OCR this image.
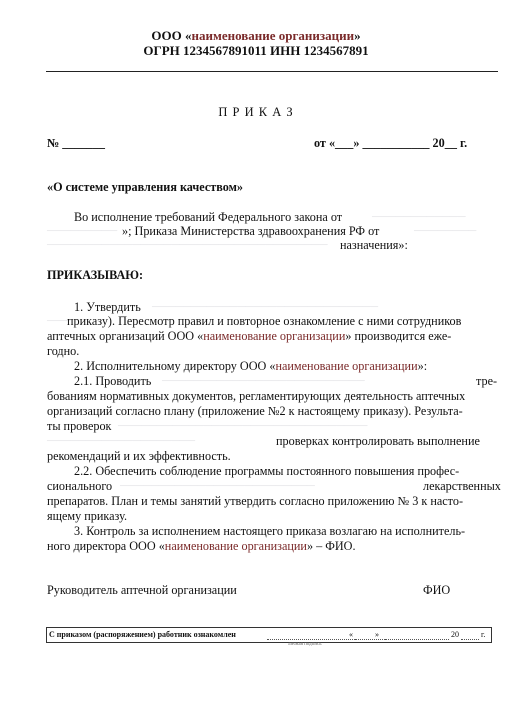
ООО «наименование организации»
ОГРН 1234567891011 ИНН 1234567891
П Р И К А З
№ _______	от «___» ___________ 20__ г.
«О системе управления качеством»
Во исполнение требований Федерального закона от	────────────
───────── »; Приказа Министерства здравоохранения РФ от	────────
──────────────────────────────────── назначения»:
ПРИКАЗЫВАЮ:
1. Утвердить ─────────────────────────────
───
приказу). Пересмотр правил и повторное ознакомление с ними сотрудников
аптечных организаций ООО «наименование организации» производится еже-
годно.
2. Исполнительному директору ООО «наименование организации»:
2.1. Проводить ──────────────────────────	тре-
бованиям нормативных документов, регламентирующих деятельность аптечных
организаций согласно плану (приложение №2 к настоящему приказу). Результа-
ты проверок ────────────────────────────────
───────────────────	проверках контролировать выполнение
рекомендаций и их эффективность.
2.2. Обеспечить соблюдение программы постоянного повышения профес-
сионального ─────────────────────────	лекарственных
препаратов. План и темы занятий утвердить согласно приложению № 3 к насто-
ящему приказу.
3. Контроль за исполнением настоящего приказа возлагаю на исполнитель-
ного директора ООО «наименование организации» – ФИО.
Руководитель аптечной организации	ФИО
С приказом (распоряжением) работник ознакомлен	«	»	20	г.
личная подпись
